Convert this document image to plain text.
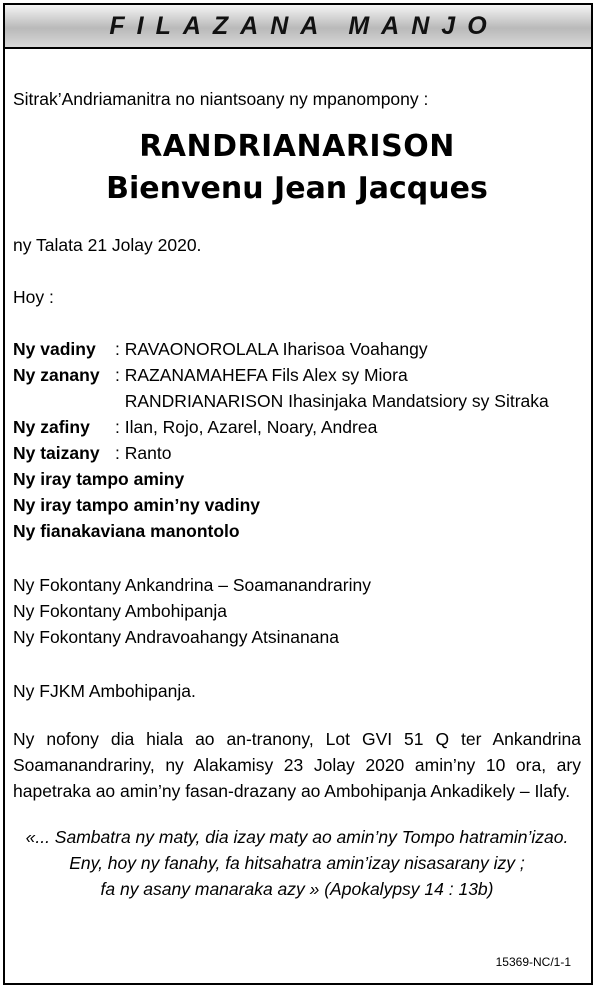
FILAZANA MANJO

Sitrak’Andriamanitra no niantsoany ny mpanompony :

RANDRIANARISON
Bienvenu Jean Jacques

ny Talata 21 Jolay 2020.

Hoy :

Ny vadiny	: RAVAONOROLALA Iharisoa Voahangy
Ny zanany : RAZANAMAHEFA Fils Alex sy Miora
RANDRIANARISON Ihasinjaka Mandatsiory sy Sitraka
Ny zafiny	: Ilan, Rojo, Azarel, Noary, Andrea
Ny taizany : Ranto
Ny iray tampo aminy
Ny iray tampo amin’ny vadiny
Ny fianakaviana manontolo
Ny Fokontany Ankandrina – Soamanandrariny
Ny Fokontany Ambohipanja
Ny Fokontany Andravoahangy Atsinanana

Ny FJKM Ambohipanja.

Ny nofony dia hiala ao an-tranony, Lot GVI 51 Q ter Ankandrina Soamanandrariny, ny Alakamisy 23 Jolay 2020 amin’ny 10 ora, ary hapetraka ao amin’ny fasan-drazany ao Ambohipanja Ankadikely – Ilafy.

«... Sambatra ny maty, dia izay maty ao amin’ny Tompo hatramin’izao.
Eny, hoy ny fanahy, fa hitsahatra amin’izay nisasarany izy ;
fa ny asany manaraka azy » (Apokalypsy 14 : 13b)
15369-NC/1-1
